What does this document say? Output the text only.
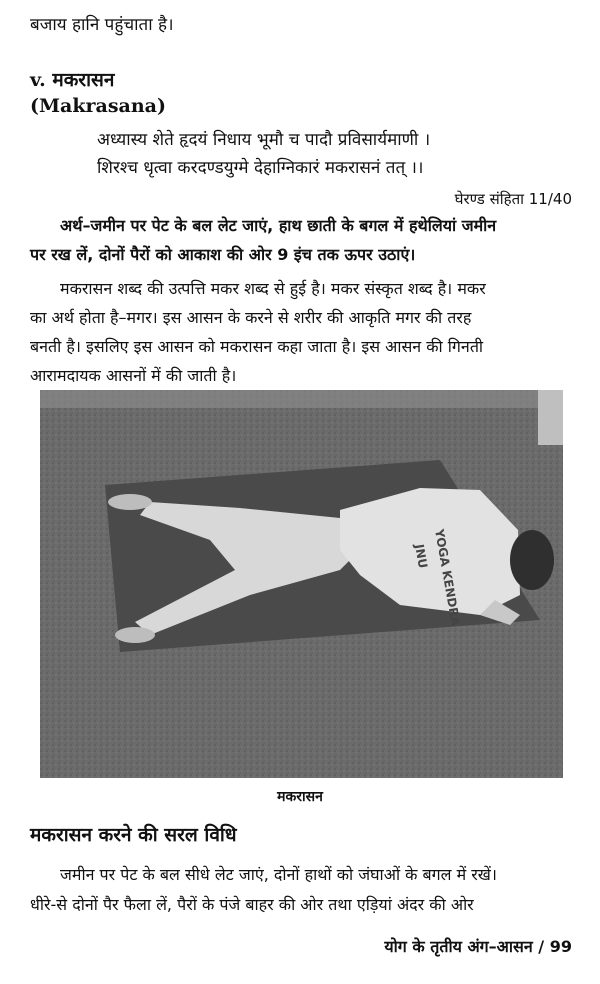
बजाय हानि पहुंचाता है।
v. मकरासन
(Makrasana)
अध्यास्य शेते हृदयं निधाय भूमौ च पादौ प्रविसार्यमाणी ।
शिरश्च धृत्वा करदण्डयुग्मे देहाग्निकारं मकरासनं तत् ।।
घेरण्ड संहिता 11/40
अर्थ–जमीन पर पेट के बल लेट जाएं, हाथ छाती के बगल में हथेलियां जमीन
पर रख लें, दोनों पैरों को आकाश की ओर 9 इंच तक ऊपर उठाएं।
मकरासन शब्द की उत्पत्ति मकर शब्द से हुई है। मकर संस्कृत शब्द है। मकर
का अर्थ होता है–मगर। इस आसन के करने से शरीर की आकृति मगर की तरह
बनती है। इसलिए इस आसन को मकरासन कहा जाता है। इस आसन की गिनती
आरामदायक आसनों में की जाती है।
YOGA KENDRA
JNU
मकरासन
मकरासन करने की सरल विधि
जमीन पर पेट के बल सीधे लेट जाएं, दोनों हाथों को जंघाओं के बगल में रखें।
धीरे-से दोनों पैर फैला लें, पैरों के पंजे बाहर की ओर तथा एड़ियां अंदर की ओर
योग के तृतीय अंग–आसन / 99
